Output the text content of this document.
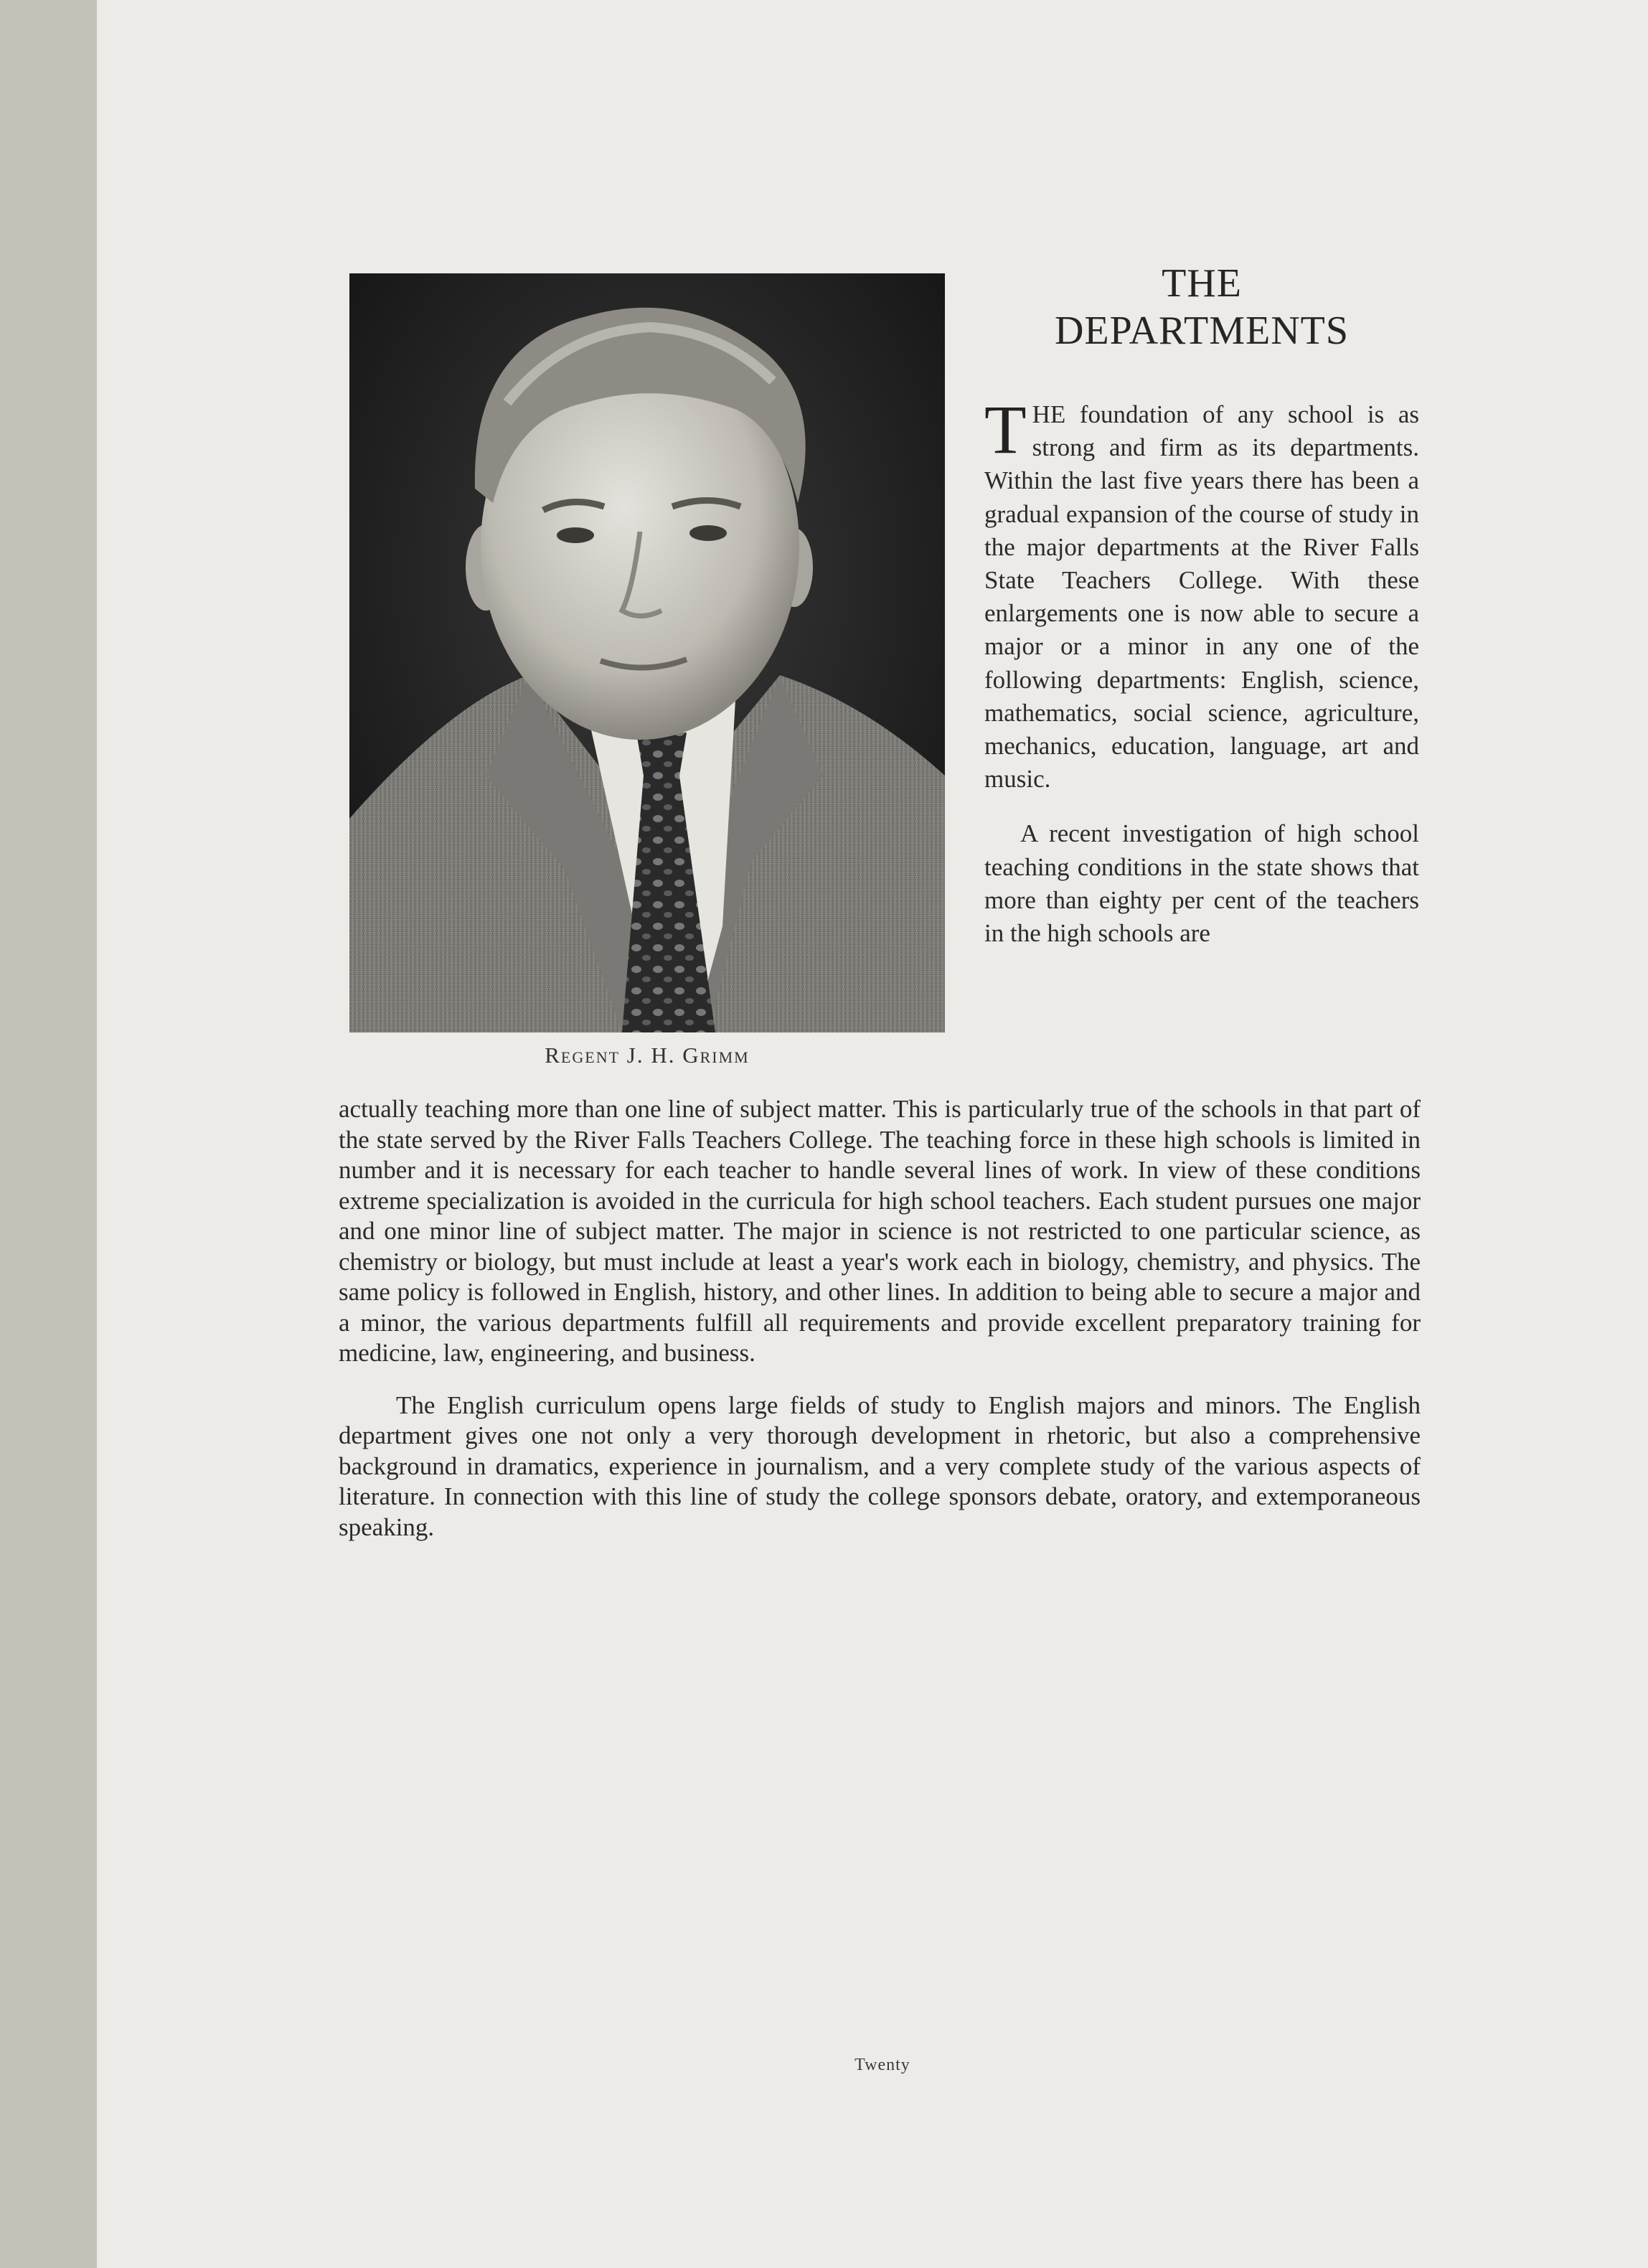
Regent J. H. Grimm
THE
DEPARTMENTS

THE foundation of any school is as strong and firm as its departments. Within the last five years there has been a gradual expansion of the course of study in the major departments at the River Falls State Teachers College. With these enlargements one is now able to secure a major or a minor in any one of the following departments: English, science, mathematics, social science, agriculture, mechanics, education, language, art and music.

A recent investigation of high school teaching conditions in the state shows that more than eighty per cent of the teachers in the high schools are

actually teaching more than one line of subject matter. This is particularly true of the schools in that part of the state served by the River Falls Teachers College. The teaching force in these high schools is limited in number and it is necessary for each teacher to handle several lines of work. In view of these conditions extreme specialization is avoided in the curricula for high school teachers. Each student pursues one major and one minor line of subject matter. The major in science is not restricted to one particular science, as chemistry or biology, but must include at least a year's work each in biology, chemistry, and physics. The same policy is followed in English, history, and other lines. In addition to being able to secure a major and a minor, the various departments fulfill all requirements and provide excellent preparatory training for medicine, law, engineering, and business.

The English curriculum opens large fields of study to English majors and minors. The English department gives one not only a very thorough development in rhetoric, but also a comprehensive background in dramatics, experience in journalism, and a very complete study of the various aspects of literature. In connection with this line of study the college sponsors debate, oratory, and extemporaneous speaking.

Twenty
